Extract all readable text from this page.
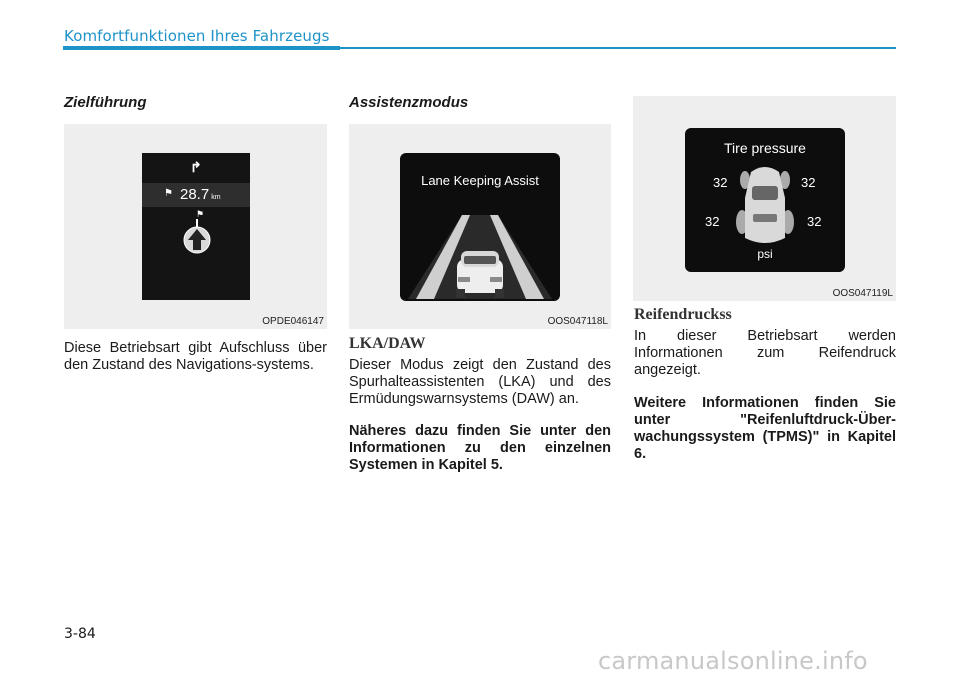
Komfortfunktionen Ihres Fahrzeugs
Zielführung
↱
⚑ 28.7 km
⚑
OPDE046147

Diese Betriebsart gibt Aufschluss über den Zustand des Navigations-systems.

Assistenzmodus
Lane Keeping Assist
OOS047118L
LKA/DAW

Dieser Modus zeigt den Zustand des Spurhalteassistenten (LKA) und des Ermüdungswarnsystems (DAW) an.

Näheres dazu finden Sie unter den Informationen zu den einzelnen Systemen in Kapitel 5.

Tire pressure
32	32
32	32
psi
OOS047119L
Reifendruckss

In dieser Betriebsart werden Informationen zum Reifendruck angezeigt.

Weitere Informationen finden Sie unter "Reifenluftdruck-Über-wachungssystem (TPMS)" in Kapitel 6.

3-84
carmanualsonline.info
